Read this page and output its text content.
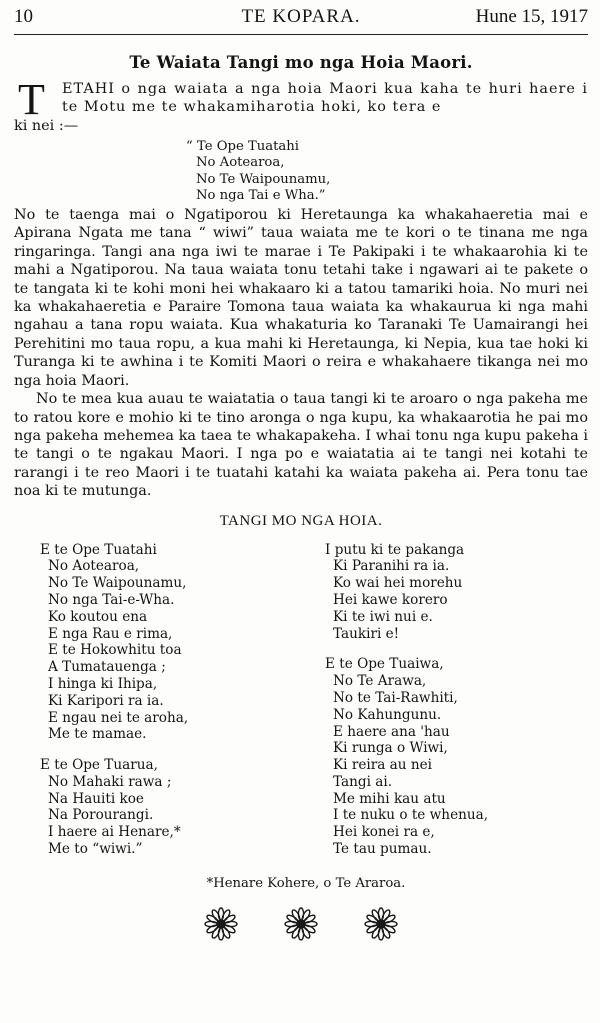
10	TE KOPARA.	Hune 15, 1917
Te Waiata Tangi mo nga Hoia Maori.

T ETAHI o nga waiata a nga hoia Maori kua kaha te huri haere i te Motu me te whakamiharotia hoki, ko tera e
ki nei :—

“ Te Ope Tuatahi
No Aotearoa,
No Te Waipounamu,
No nga Tai e Wha.”

No te taenga mai o Ngatiporou ki Heretaunga ka whakahaeretia mai e Apirana Ngata me tana “ wiwi” taua waiata me te kori o te tinana me nga ringaringa. Tangi ana nga iwi te marae i Te Pakipaki i te whakaarohia ki te mahi a Ngatiporou. Na taua waiata tonu tetahi take i ngawari ai te pakete o te tangata ki te kohi moni hei whakaaro ki a tatou tamariki hoia. No muri nei ka whakahaeretia e Paraire Tomona taua waiata ka whakaurua ki nga mahi ngahau a tana ropu waiata. Kua whakaturia ko Taranaki Te Uamairangi hei Perehitini mo taua ropu, a kua mahi ki Heretaunga, ki Nepia, kua tae hoki ki Turanga ki te awhina i te Komiti Maori o reira e whakahaere tikanga nei mo nga hoia Maori.

No te mea kua auau te waiatatia o taua tangi ki te aroaro o nga pakeha me to ratou kore e mohio ki te tino aronga o nga kupu, ka whakaarotia he pai mo nga pakeha mehemea ka taea te whakapakeha. I whai tonu nga kupu pakeha i te tangi o te ngakau Maori. I nga po e waiatatia ai te tangi nei kotahi te rarangi i te reo Maori i te tuatahi katahi ka waiata pakeha ai. Pera tonu tae noa ki te mutunga.

TANGI MO NGA HOIA.
E te Ope Tuatahi
No Aotearoa,
No Te Waipounamu,
No nga Tai-e-Wha.
Ko koutou ena
E nga Rau e rima,
E te Hokowhitu toa
A Tumatauenga ;
I hinga ki Ihipa,
Ki Karipori ra ia.
E ngau nei te aroha,
Me te mamae.
E te Ope Tuarua,
No Mahaki rawa ;
Na Hauiti koe
Na Porourangi.
I haere ai Henare,*
Me to “wiwi.”
I putu ki te pakanga
Ki Paranihi ra ia.
Ko wai hei morehu
Hei kawe korero
Ki te iwi nui e.
Taukiri e!
E te Ope Tuaiwa,
No Te Arawa,
No te Tai-Rawhiti,
No Kahungunu.
E haere ana 'hau
Ki runga o Wiwi,
Ki reira au nei
Tangi ai.
Me mihi kau atu
I te nuku o te whenua,
Hei konei ra e,
Te tau pumau.
*Henare Kohere, o Te Araroa.
